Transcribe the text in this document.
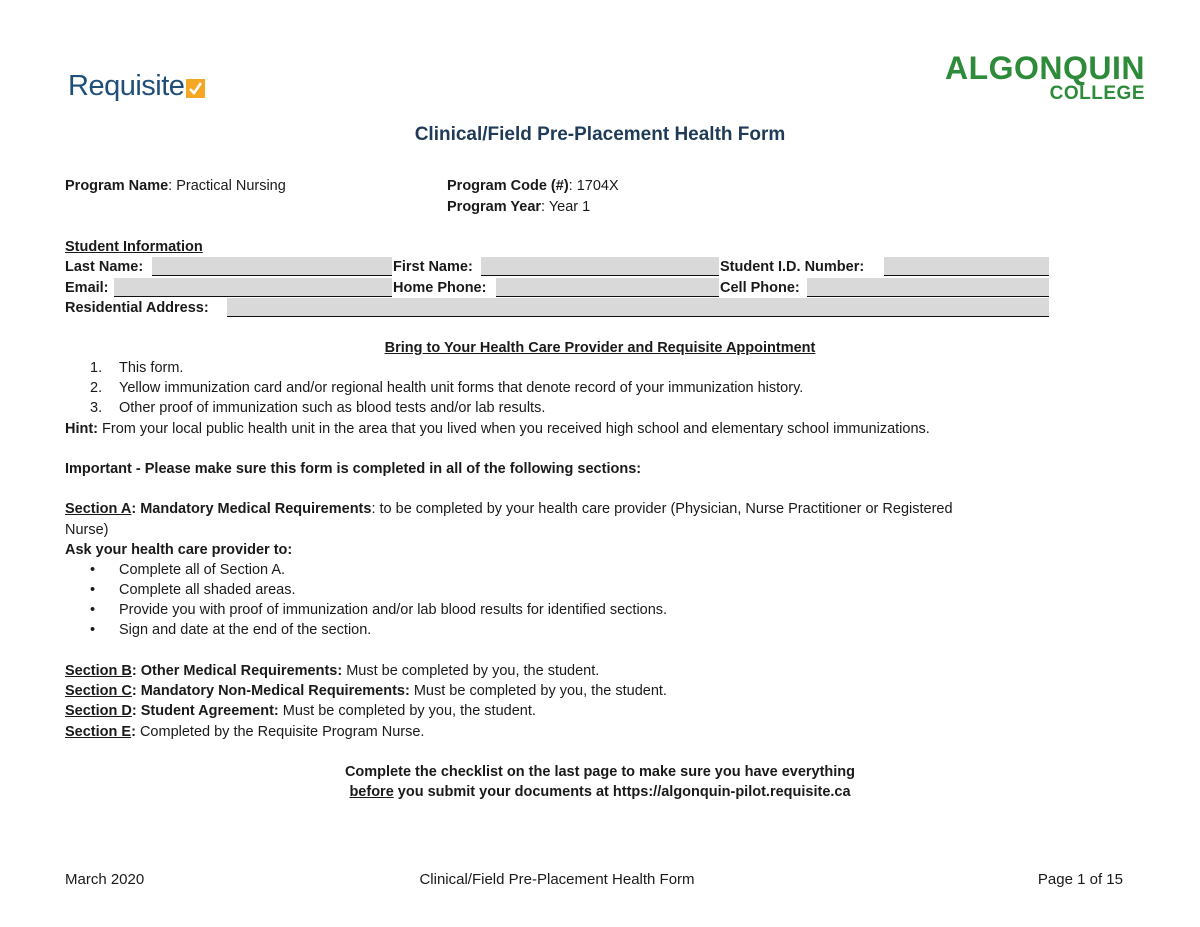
Requisite	ALGONQUIN
COLLEGE
Clinical/Field Pre-Placement Health Form
Program Name: Practical Nursing	Program Code (#): 1704X
Program Year: Year 1
Student Information
Last Name:	First Name:	Student I.D. Number:
Email:	Home Phone:	Cell Phone:
Residential Address:
Bring to Your Health Care Provider and Requisite Appointment
1. This form.
2. Yellow immunization card and/or regional health unit forms that denote record of your immunization history.
3. Other proof of immunization such as blood tests and/or lab results.
Hint: From your local public health unit in the area that you lived when you received high school and elementary school immunizations.
Important - Please make sure this form is completed in all of the following sections:
Section A: Mandatory Medical Requirements: to be completed by your health care provider (Physician, Nurse Practitioner or Registered
Nurse)
Ask your health care provider to:
• Complete all of Section A.
• Complete all shaded areas.
• Provide you with proof of immunization and/or lab blood results for identified sections.
• Sign and date at the end of the section.
Section B: Other Medical Requirements: Must be completed by you, the student.
Section C: Mandatory Non-Medical Requirements: Must be completed by you, the student.
Section D: Student Agreement: Must be completed by you, the student.
Section E: Completed by the Requisite Program Nurse.
Complete the checklist on the last page to make sure you have everything
before you submit your documents at https://algonquin-pilot.requisite.ca
March 2020	Clinical/Field Pre-Placement Health Form	Page 1 of 15
